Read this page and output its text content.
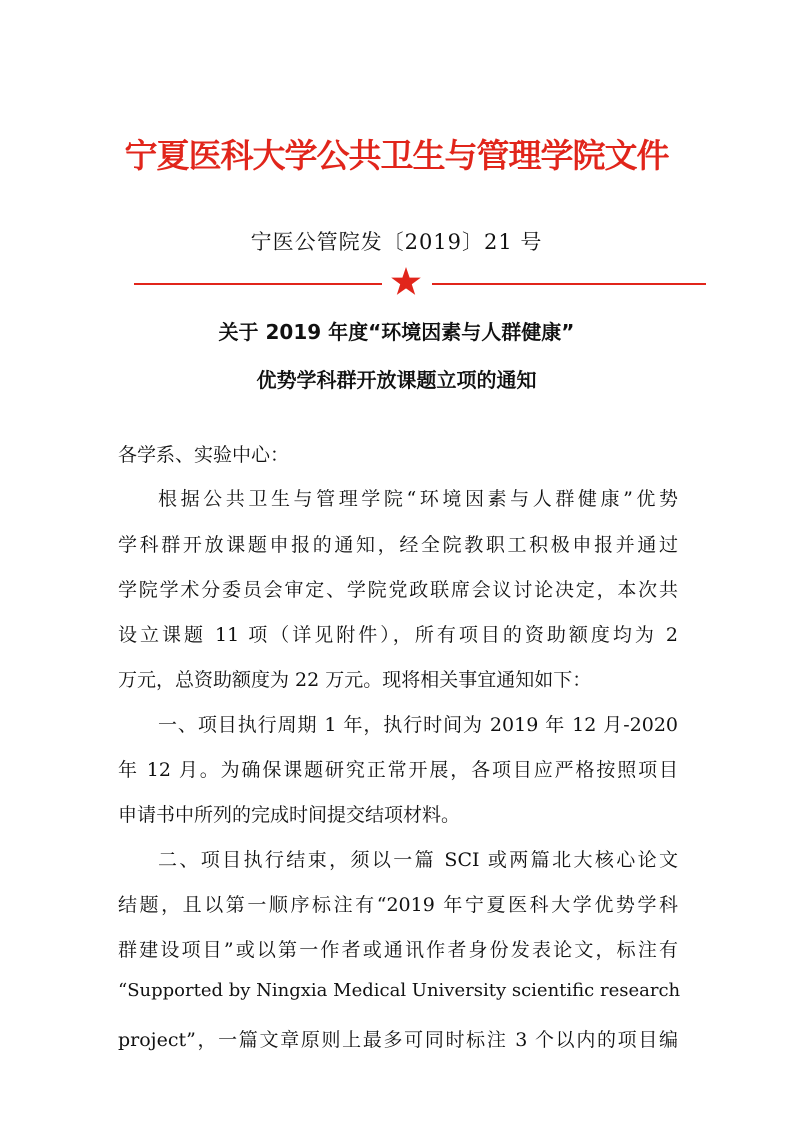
宁夏医科大学公共卫生与管理学院文件
宁医公管院发〔2019〕21 号
关于 2019 年度“环境因素与人群健康”
优势学科群开放课题立项的通知
各学系、实验中心：
根据公共卫生与管理学院“环境因素与人群健康”优势
学科群开放课题申报的通知，经全院教职工积极申报并通过
学院学术分委员会审定、学院党政联席会议讨论决定，本次共
设立课题 11 项（详见附件），所有项目的资助额度均为 2
万元，总资助额度为 22 万元。现将相关事宜通知如下：
一、项目执行周期 1 年，执行时间为 2019 年 12 月-2020
年 12 月。为确保课题研究正常开展，各项目应严格按照项目
申请书中所列的完成时间提交结项材料。
二、项目执行结束，须以一篇 SCI 或两篇北大核心论文
结题，且以第一顺序标注有“2019 年宁夏医科大学优势学科
群建设项目”或以第一作者或通讯作者身份发表论文，标注有
“Supported by Ningxia Medical University scientific research
project”，一篇文章原则上最多可同时标注 3 个以内的项目编
